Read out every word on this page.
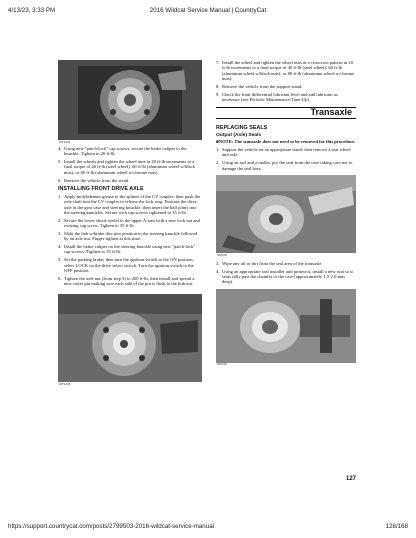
4/13/23, 3:33 PM	2016 Wildcat Service Manual | CountryCat
WT1234
4. Using new "patch-lock" cap screws, secure the brake caliper to the knuckle. Tighten to 20 ft-lb.
5. Install the wheels and tighten the wheel nuts in 20 ft-lb increments to a final torque of 40 ft-lb (steel wheel), 60 ft-lb (aluminum wheel w/black nuts), or 80 ft-lb (aluminum wheel w/chrome nuts).
6. Remove the vehicle from the stand.
INSTALLING FRONT DRIVE AXLE
1. Apply molybdenum grease to the splines of the CV coupler; then push the axle shaft into the CV coupler to release the lock ring. Position the drive axle in the gear case and steering knuckle; then insert the ball joints into the steering knuckles. Secure with cap screws tightened to 35 ft-lb.
2. Secure the lower shock eyelet to the upper A-arm with a new lock nut and existing cap screw. Tighten to 35 ft-lb.
3. Slide the hub w/brake disc into position in the steering knuckle followed by an axle nut. Finger-tighten at this time.
4. Install the brake caliper on the steering knuckle using new "patch-lock" cap screws. Tighten to 35 ft-lb.
5. Set the parking brake; then turn the ignition switch to the ON position, select LOCK on the drive select switch. Turn the ignition switch to the OFF position.
6. Tighten the axle nut (from step 3) to 200 ft-lb; then install and spread a new cotter pin making sure each side of the pin is flush to the hub nut.
WT1235
7. Install the wheel and tighten the wheel nuts in a crisscross pattern in 20 ft-lb increments to a final torque of 40 ft-lb (steel wheel), 60 ft-lb (aluminum wheel w/black nuts), or 80 ft-lb (aluminum wheel w/chrome nuts).
8. Remove the vehicle from the support stand.
9. Check the front differential lubricant level and add lubricant as necessary (see Periodic Maintenance/Tune-Up).
Transaxle
REPLACING SEALS
Output (Axle) Seals
■NOTE: The transaxle does not need to be removed for this procedure.
1. Support the vehicle on an appropriate stand; then remove a rear wheel and axle.
2. Using an awl and a mallet, pry the seal from the case taking care not to damage the seal bore.
SM748
3. Wipe any oil or dirt from the seal area of the transaxle.
4. Using an appropriate seal installer and protector, install a new seal so it seats fully past the chamfer of the case (approximately 1.5-2.0 mm deep).
SM749
127
https://support.countrycat.com/posts/2799503-2016-wildcat-service-manual	128/168
